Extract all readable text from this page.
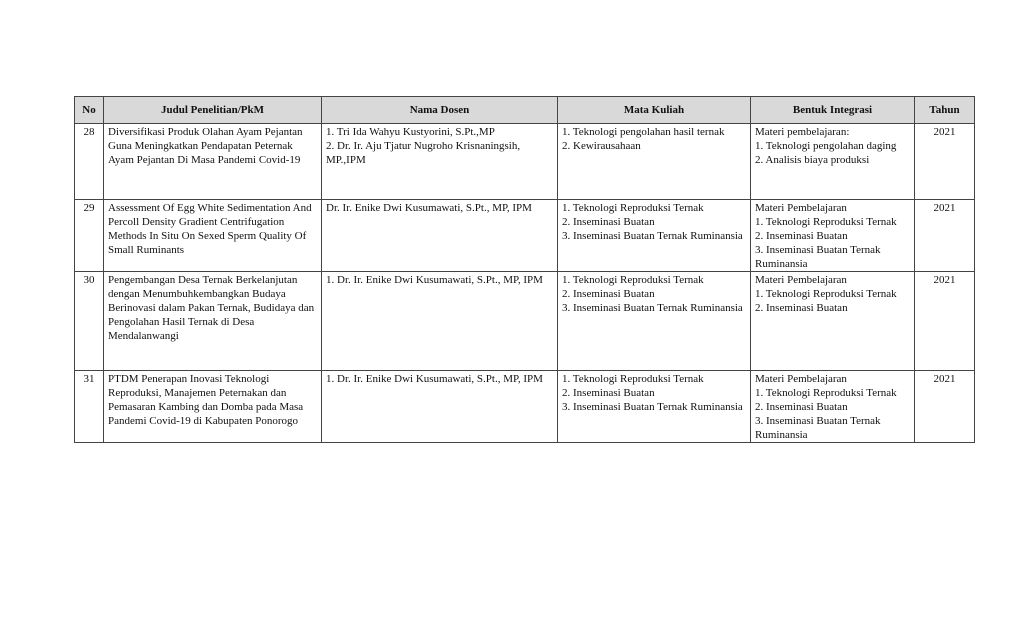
No	Judul Penelitian/PkM	Nama Dosen	Mata Kuliah	Bentuk Integrasi	Tahun
28	Diversifikasi Produk Olahan Ayam Pejantan Guna Meningkatkan Pendapatan Peternak Ayam Pejantan Di Masa Pandemi Covid-19	1. Tri Ida Wahyu Kustyorini, S.Pt.,MP
2. Dr. Ir. Aju Tjatur Nugroho Krisnaningsih, MP.,IPM	1. Teknologi pengolahan hasil ternak
2. Kewirausahaan	Materi pembelajaran:
1. Teknologi pengolahan daging
2. Analisis biaya produksi	2021
29	Assessment Of Egg White Sedimentation And Percoll Density Gradient Centrifugation Methods In Situ On Sexed Sperm Quality Of Small Ruminants	Dr. Ir. Enike Dwi Kusumawati, S.Pt., MP, IPM	1. Teknologi Reproduksi Ternak
2. Inseminasi Buatan
3. Inseminasi Buatan Ternak Ruminansia	Materi Pembelajaran
1. Teknologi Reproduksi Ternak
2. Inseminasi Buatan
3. Inseminasi Buatan Ternak Ruminansia	2021
30	Pengembangan Desa Ternak Berkelanjutan dengan Menumbuhkembangkan Budaya Berinovasi dalam Pakan Ternak, Budidaya dan Pengolahan Hasil Ternak di Desa Mendalanwangi	1. Dr. Ir. Enike Dwi Kusumawati, S.Pt., MP, IPM	1. Teknologi Reproduksi Ternak
2. Inseminasi Buatan
3. Inseminasi Buatan Ternak Ruminansia	Materi Pembelajaran
1. Teknologi Reproduksi Ternak
2. Inseminasi Buatan	2021
31	PTDM Penerapan Inovasi Teknologi Reproduksi, Manajemen Peternakan dan Pemasaran Kambing dan Domba pada Masa Pandemi Covid-19 di Kabupaten Ponorogo	1. Dr. Ir. Enike Dwi Kusumawati, S.Pt., MP, IPM	1. Teknologi Reproduksi Ternak
2. Inseminasi Buatan
3. Inseminasi Buatan Ternak Ruminansia	Materi Pembelajaran
1. Teknologi Reproduksi Ternak
2. Inseminasi Buatan
3. Inseminasi Buatan Ternak Ruminansia	2021
